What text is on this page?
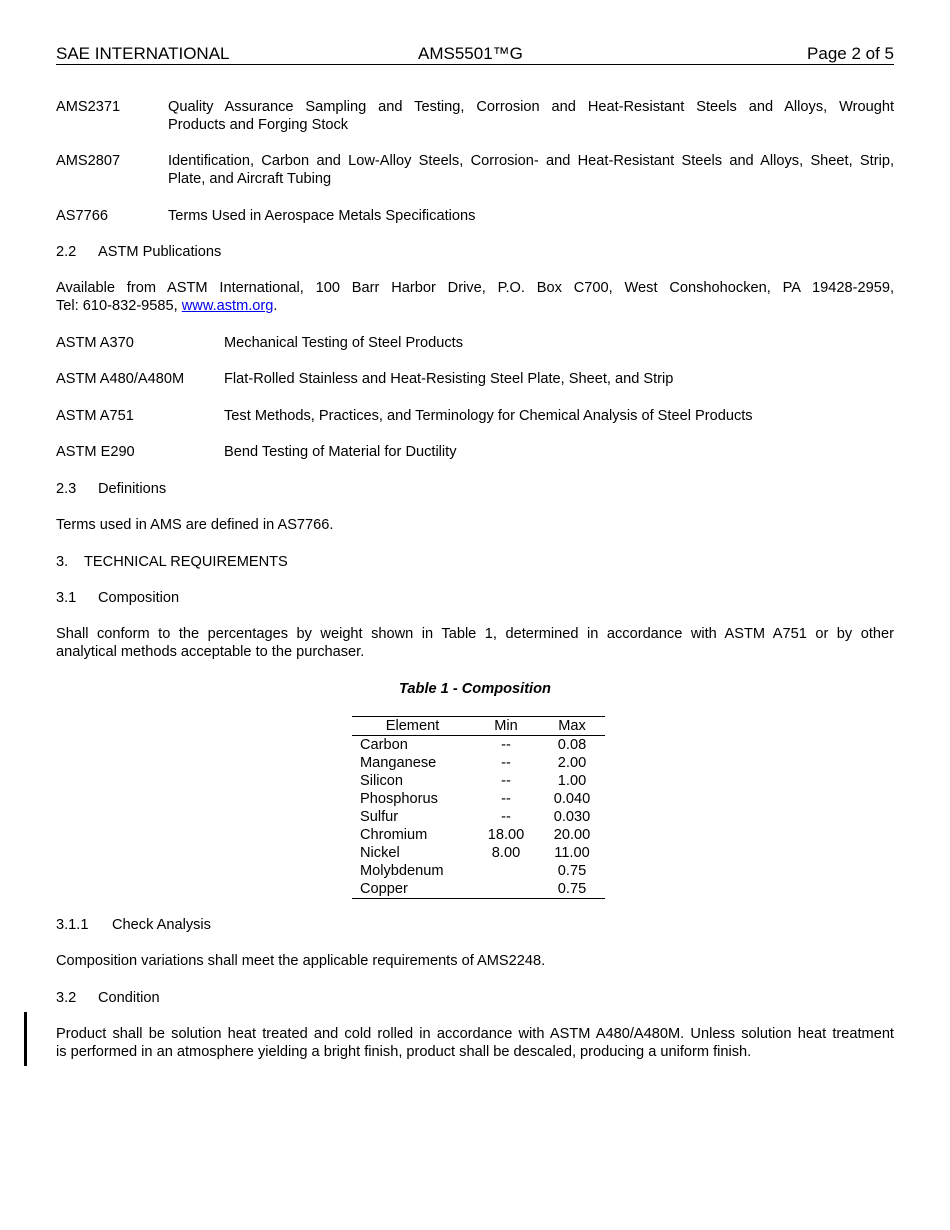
SAE INTERNATIONAL	AMS5501™G	Page 2 of 5
AMS2371	Quality Assurance Sampling and Testing, Corrosion and Heat-Resistant Steels and Alloys, Wrought
Products and Forging Stock
AMS2807	Identification, Carbon and Low-Alloy Steels, Corrosion- and Heat-Resistant Steels and Alloys, Sheet, Strip,
Plate, and Aircraft Tubing
AS7766	Terms Used in Aerospace Metals Specifications
2.2 ASTM Publications
Available from ASTM International, 100 Barr Harbor Drive, P.O. Box C700, West Conshohocken, PA 19428-2959,
Tel: 610-832-9585, www.astm.org.
ASTM A370	Mechanical Testing of Steel Products
ASTM A480/A480M	Flat-Rolled Stainless and Heat-Resisting Steel Plate, Sheet, and Strip
ASTM A751	Test Methods, Practices, and Terminology for Chemical Analysis of Steel Products
ASTM E290	Bend Testing of Material for Ductility
2.3 Definitions
Terms used in AMS are defined in AS7766.
3. TECHNICAL REQUIREMENTS
3.1 Composition
Shall conform to the percentages by weight shown in Table 1, determined in accordance with ASTM A751 or by other
analytical methods acceptable to the purchaser.
Table 1 - Composition
Element	Min	Max
Carbon	--	0.08
Manganese	--	2.00
Silicon	--	1.00
Phosphorus	--	0.040
Sulfur	--	0.030
Chromium	18.00	20.00
Nickel	8.00	11.00
Molybdenum		0.75
Copper		0.75
3.1.1 Check Analysis
Composition variations shall meet the applicable requirements of AMS2248.
3.2 Condition
Product shall be solution heat treated and cold rolled in accordance with ASTM A480/A480M. Unless solution heat treatment
is performed in an atmosphere yielding a bright finish, product shall be descaled, producing a uniform finish.
